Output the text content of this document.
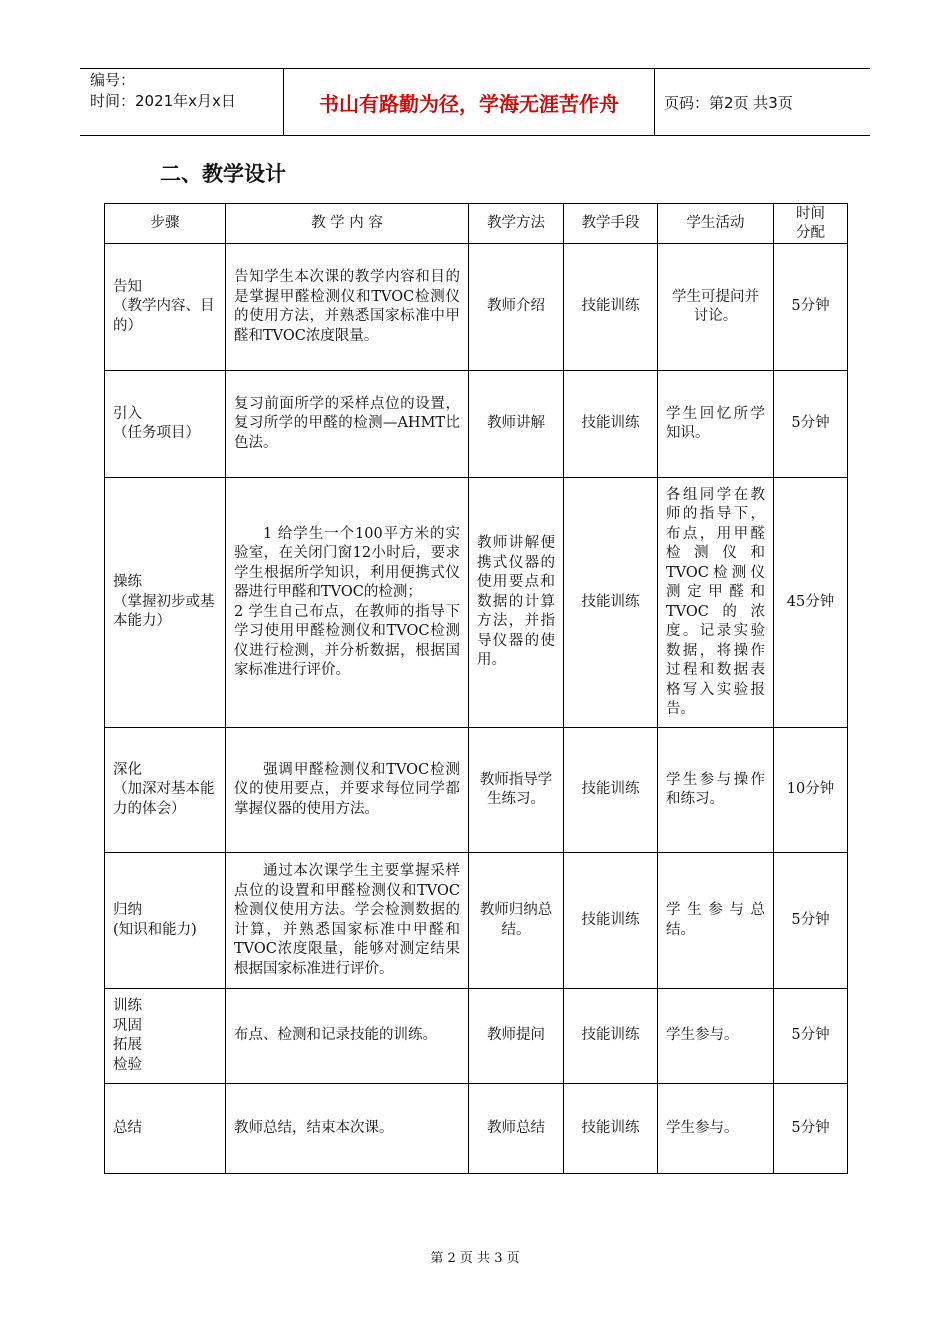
编号：
时间：2021年x月x日	书山有路勤为径，学海无涯苦作舟	页码：第2页 共3页
二、教学设计
步骤	教 学 内 容	教学方法	教学手段	学生活动	时间
分配
告知
（教学内容、目的）	告知学生本次课的教学内容和目的是掌握甲醛检测仪和TVOC检测仪的使用方法，并熟悉国家标准中甲醛和TVOC浓度限量。	教师介绍	技能训练	学生可提问并讨论。	5分钟
引入
（任务项目）	复习前面所学的采样点位的设置，复习所学的甲醛的检测—AHMT比色法。	教师讲解	技能训练	学生回忆所学知识。	5分钟
操练
（掌握初步或基本能力）	1 给学生一个100平方米的实验室，在关闭门窗12小时后，要求学生根据所学知识，利用便携式仪器进行甲醛和TVOC的检测；
2 学生自己布点，在教师的指导下学习使用甲醛检测仪和TVOC检测仪进行检测，并分析数据，根据国家标准进行评价。	教师讲解便携式仪器的使用要点和数据的计算方法，并指导仪器的使用。	技能训练	各组同学在教师的指导下，布点，用甲醛检测仪和TVOC检测仪测定甲醛和TVOC的浓度。记录实验数据，将操作过程和数据表格写入实验报告。	45分钟
深化
（加深对基本能力的体会）	强调甲醛检测仪和TVOC检测仪的使用要点，并要求每位同学都掌握仪器的使用方法。	教师指导学生练习。	技能训练	学生参与操作和练习。	10分钟
归纳
(知识和能力)	通过本次课学生主要掌握采样点位的设置和甲醛检测仪和TVOC检测仪使用方法。学会检测数据的计算，并熟悉国家标准中甲醛和TVOC浓度限量，能够对测定结果根据国家标准进行评价。	教师归纳总结。	技能训练	学生参与总结。	5分钟
训练
巩固
拓展
检验	布点、检测和记录技能的训练。	教师提问	技能训练	学生参与。	5分钟
总结	教师总结，结束本次课。	教师总结	技能训练	学生参与。	5分钟
第 2 页 共 3 页
